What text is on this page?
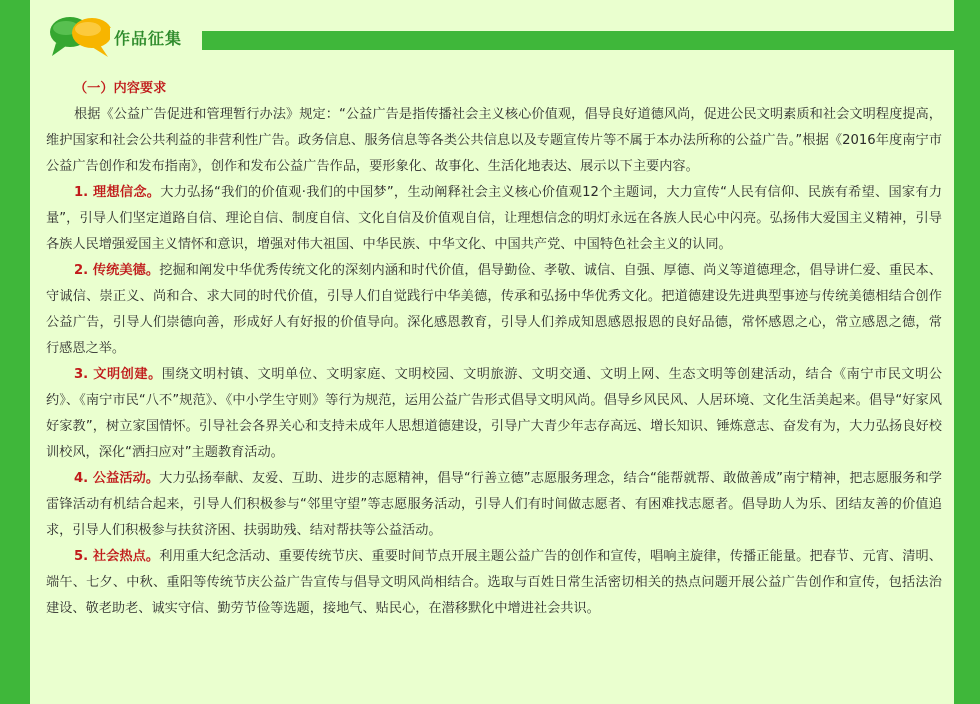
作品征集
（一）内容要求

根据《公益广告促进和管理暂行办法》规定：“公益广告是指传播社会主义核心价值观，倡导良好道德风尚，促进公民文明素质和社会文明程度提高，维护国家和社会公共利益的非营利性广告。政务信息、服务信息等各类公共信息以及专题宣传片等不属于本办法所称的公益广告。”根据《2016年度南宁市公益广告创作和发布指南》，创作和发布公益广告作品，要形象化、故事化、生活化地表达、展示以下主要内容。

1. 理想信念。大力弘扬“我们的价值观·我们的中国梦”，生动阐释社会主义核心价值观12个主题词，大力宣传“人民有信仰、民族有希望、国家有力量”，引导人们坚定道路自信、理论自信、制度自信、文化自信及价值观自信，让理想信念的明灯永远在各族人民心中闪亮。弘扬伟大爱国主义精神，引导各族人民增强爱国主义情怀和意识，增强对伟大祖国、中华民族、中华文化、中国共产党、中国特色社会主义的认同。

2. 传统美德。挖掘和阐发中华优秀传统文化的深刻内涵和时代价值，倡导勤俭、孝敬、诚信、自强、厚德、尚义等道德理念，倡导讲仁爱、重民本、守诚信、崇正义、尚和合、求大同的时代价值，引导人们自觉践行中华美德，传承和弘扬中华优秀文化。把道德建设先进典型事迹与传统美德相结合创作公益广告，引导人们崇德向善，形成好人有好报的价值导向。深化感恩教育，引导人们养成知恩感恩报恩的良好品德，常怀感恩之心，常立感恩之德，常行感恩之举。

3. 文明创建。围绕文明村镇、文明单位、文明家庭、文明校园、文明旅游、文明交通、文明上网、生态文明等创建活动，结合《南宁市民文明公约》、《南宁市民“八不”规范》、《中小学生守则》等行为规范，运用公益广告形式倡导文明风尚。倡导乡风民风、人居环境、文化生活美起来。倡导“好家风好家教”，树立家国情怀。引导社会各界关心和支持未成年人思想道德建设，引导广大青少年志存高远、增长知识、锤炼意志、奋发有为，大力弘扬良好校训校风，深化“洒扫应对”主题教育活动。

4. 公益活动。大力弘扬奉献、友爱、互助、进步的志愿精神，倡导“行善立德”志愿服务理念，结合“能帮就帮、敢做善成”南宁精神，把志愿服务和学雷锋活动有机结合起来，引导人们积极参与“邻里守望”等志愿服务活动，引导人们有时间做志愿者、有困难找志愿者。倡导助人为乐、团结友善的价值追求，引导人们积极参与扶贫济困、扶弱助残、结对帮扶等公益活动。

5. 社会热点。利用重大纪念活动、重要传统节庆、重要时间节点开展主题公益广告的创作和宣传，唱响主旋律，传播正能量。把春节、元宵、清明、端午、七夕、中秋、重阳等传统节庆公益广告宣传与倡导文明风尚相结合。选取与百姓日常生活密切相关的热点问题开展公益广告创作和宣传，包括法治建设、敬老助老、诚实守信、勤劳节俭等选题，接地气、贴民心，在潜移默化中增进社会共识。
